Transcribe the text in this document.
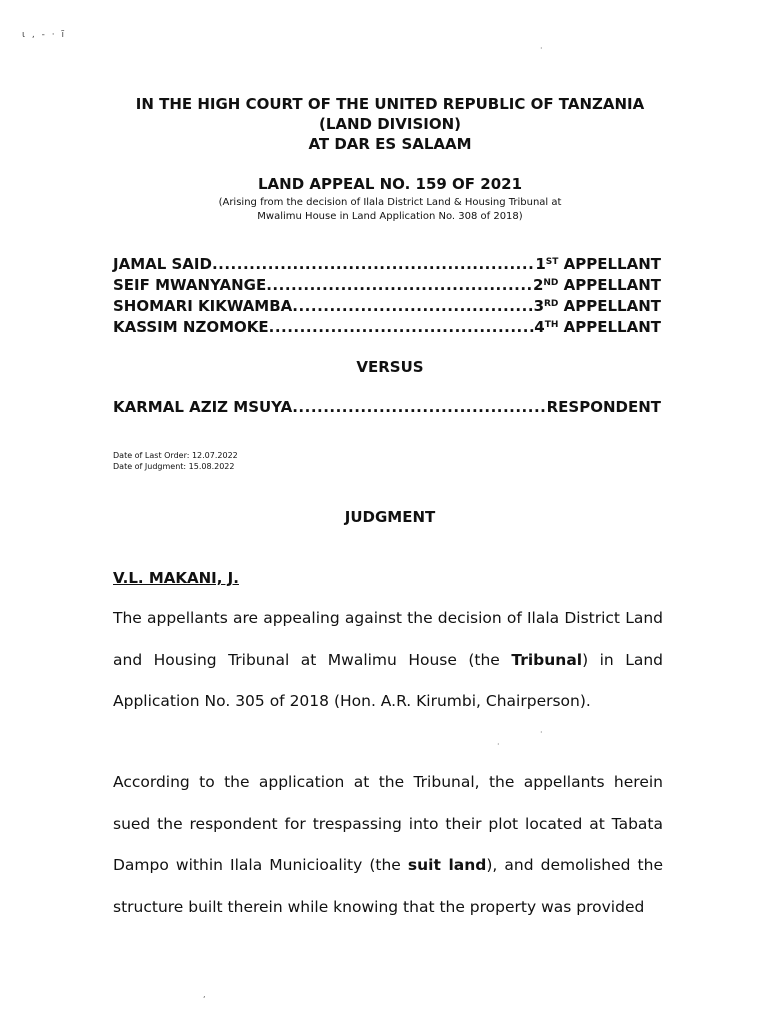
ι , - · ĩ
IN THE HIGH COURT OF THE UNITED REPUBLIC OF TANZANIA
(LAND DIVISION)
AT DAR ES SALAAM
LAND APPEAL NO. 159 OF 2021
(Arising from the decision of Ilala District Land & Housing Tribunal at
Mwalimu House in Land Application No. 308 of 2018)
JAMAL SAID .....	1ST APPELLANT
SEIF MWANYANGE .....	2ND APPELLANT
SHOMARI KIKWAMBA .....	3RD APPELLANT
KASSIM NZOMOKE .....	4TH APPELLANT
VERSUS
KARMAL AZIZ MSUYA .....	RESPONDENT
Date of Last Order: 12.07.2022
Date of Judgment: 15.08.2022
JUDGMENT
V.L. MAKANI, J.
The appellants are appealing against the decision of Ilala District Land and Housing Tribunal at Mwalimu House (the Tribunal) in Land Application No. 305 of 2018 (Hon. A.R. Kirumbi, Chairperson).
According to the application at the Tribunal, the appellants herein sued the respondent for trespassing into their plot located at Tabata Dampo within Ilala Municioality (the suit land), and demolished the structure built therein while knowing that the property was provided
·
·
·
,
